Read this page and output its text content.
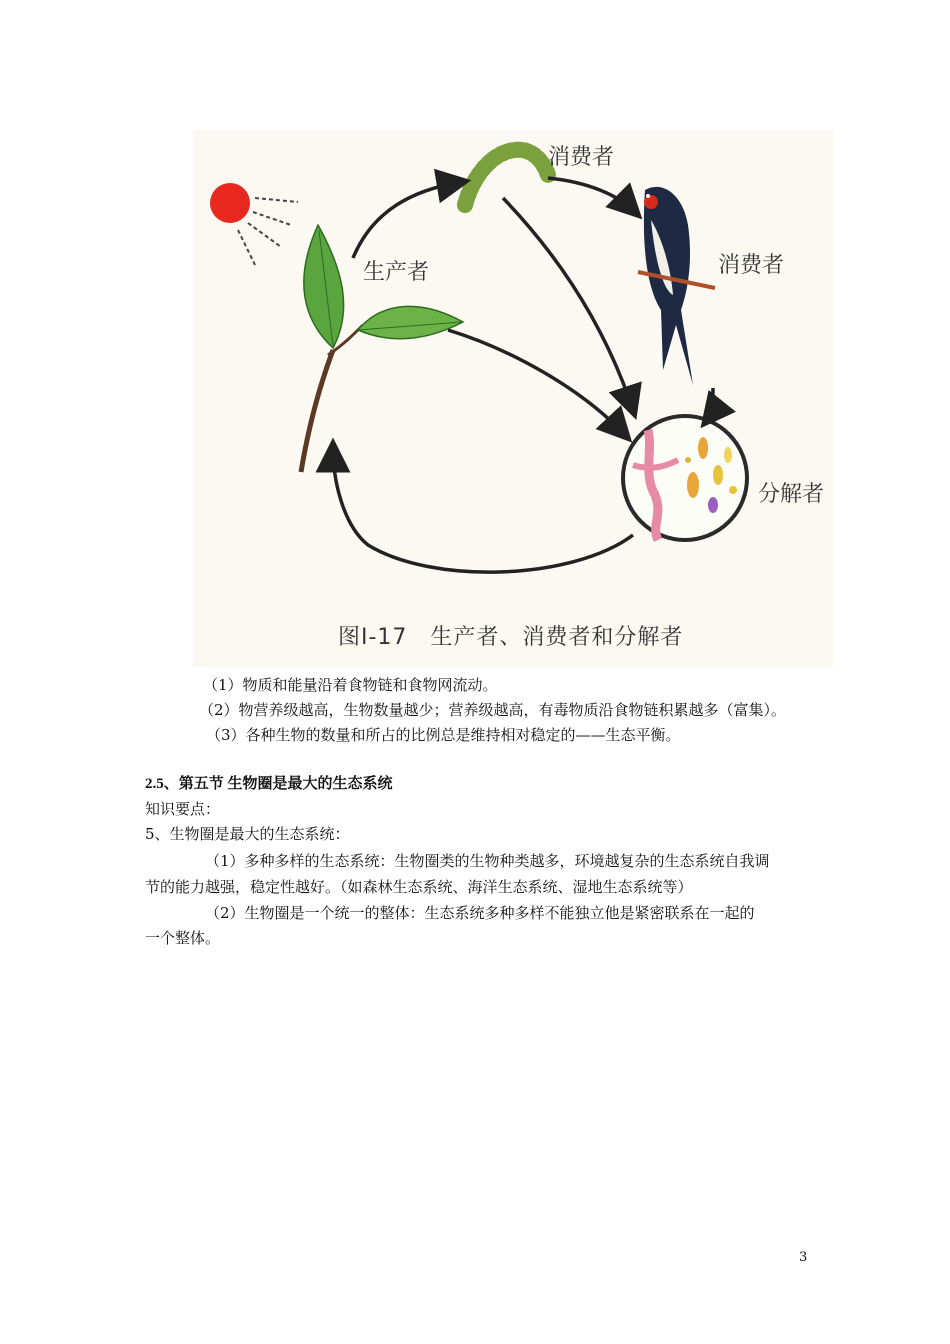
消费者
消费者
生产者
分解者
图Ⅰ-17　生产者、消费者和分解者
（1）物质和能量沿着食物链和食物网流动。
（2）物营养级越高，生物数量越少；营养级越高，有毒物质沿食物链积累越多（富集）。
（3）各种生物的数量和所占的比例总是维持相对稳定的——生态平衡。
2.5、第五节 生物圈是最大的生态系统
知识要点：
5、生物圈是最大的生态系统：
（1）多种多样的生态系统：生物圈类的生物种类越多，环境越复杂的生态系统自我调
节的能力越强，稳定性越好。（如森林生态系统、海洋生态系统、湿地生态系统等）
（2）生物圈是一个统一的整体：生态系统多种多样不能独立他是紧密联系在一起的
一个整体。
3
